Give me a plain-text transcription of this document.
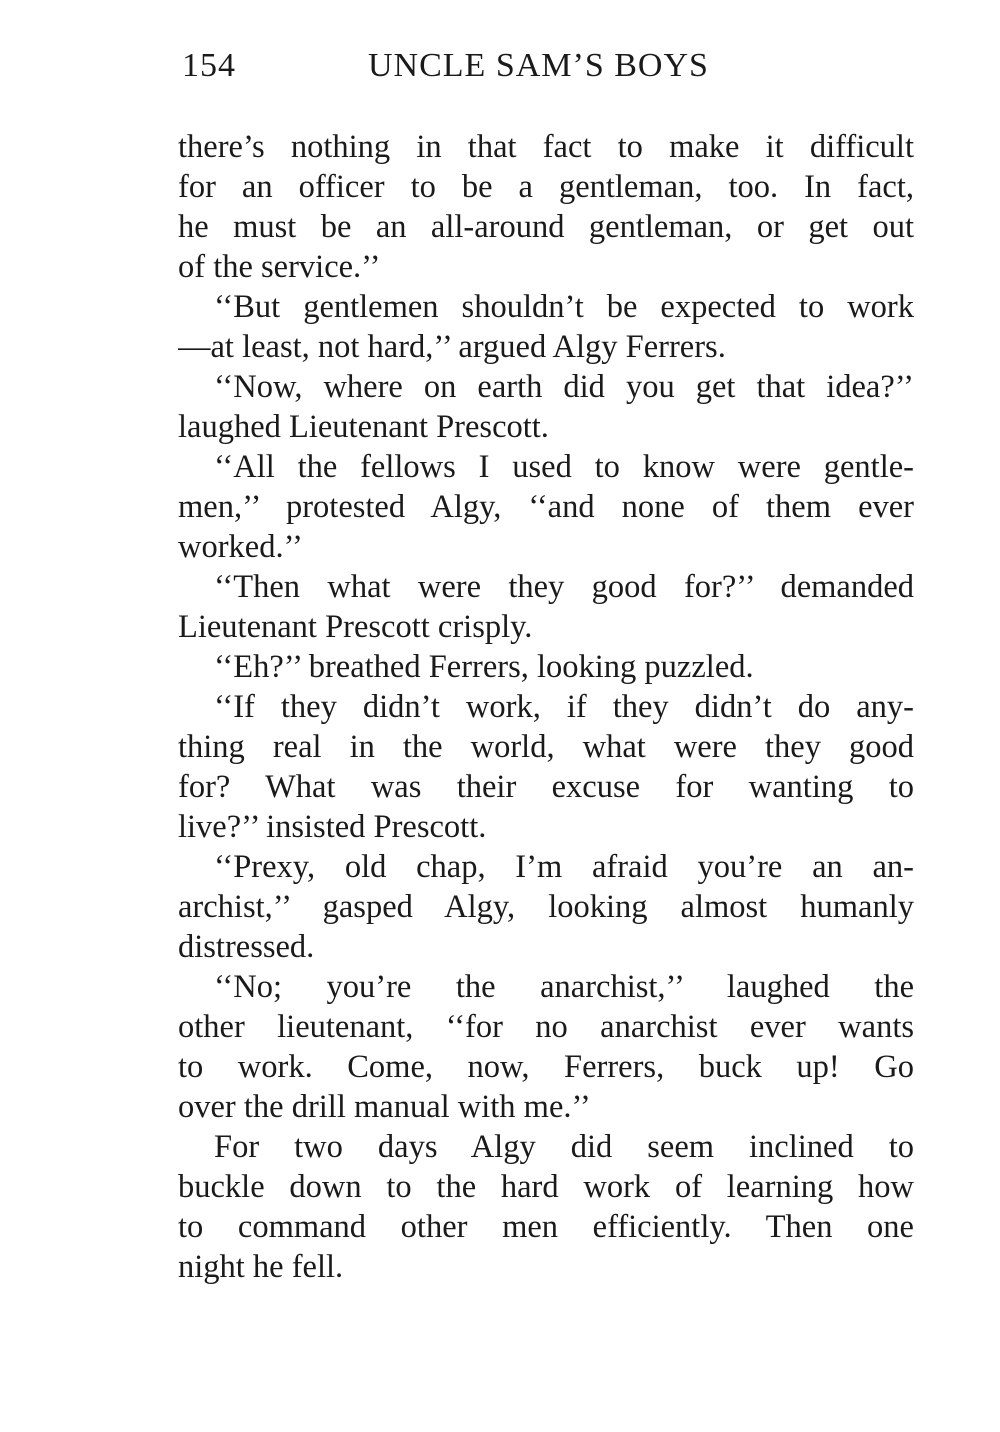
154	UNCLE SAM’S BOYS
there’s nothing in that fact to make it difficult
for an officer to be a gentleman, too. In fact,
he must be an all-around gentleman, or get out
of the service.’’
‘‘But gentlemen shouldn’t be expected to work
—at least, not hard,’’ argued Algy Ferrers.
‘‘Now, where on earth did you get that idea?’’
laughed Lieutenant Prescott.
‘‘All the fellows I used to know were gentle-
men,’’ protested Algy, ‘‘and none of them ever
worked.’’
‘‘Then what were they good for?’’ demanded
Lieutenant Prescott crisply.
‘‘Eh?’’ breathed Ferrers, looking puzzled.
‘‘If they didn’t work, if they didn’t do any-
thing real in the world, what were they good
for? What was their excuse for wanting to
live?’’ insisted Prescott.
‘‘Prexy, old chap, I’m afraid you’re an an-
archist,’’ gasped Algy, looking almost humanly
distressed.
‘‘No; you’re the anarchist,’’ laughed the
other lieutenant, ‘‘for no anarchist ever wants
to work. Come, now, Ferrers, buck up! Go
over the drill manual with me.’’
For two days Algy did seem inclined to
buckle down to the hard work of learning how
to command other men efficiently. Then one
night he fell.
